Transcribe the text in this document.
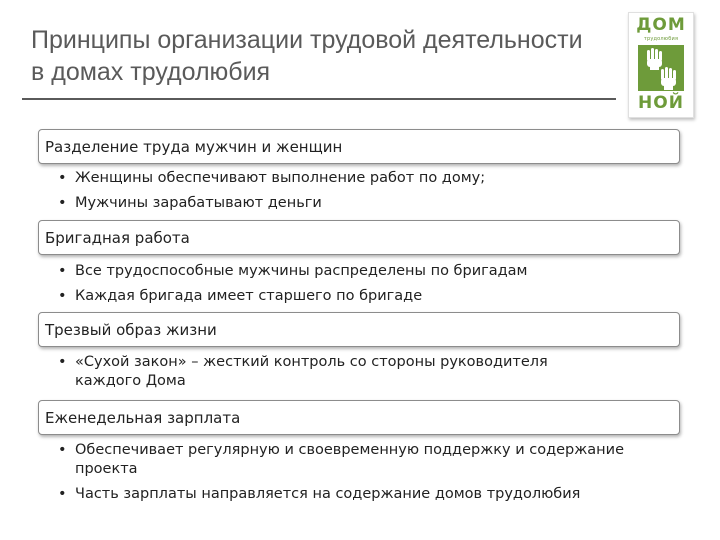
Принципы организации трудовой деятельности в домах трудолюбия
ДОМ
трудолюбия
НОЙ
Разделение труда мужчин и женщин
• Женщины обеспечивают выполнение работ по дому;
• Мужчины зарабатывают деньги
Бригадная работа
• Все трудоспособные мужчины распределены по бригадам
• Каждая бригада имеет старшего по бригаде
Трезвый образ жизни
• «Сухой закон» – жесткий контроль со стороны руководителя каждого Дома
Еженедельная зарплата
• Обеспечивает регулярную и своевременную поддержку и содержание проекта
• Часть зарплаты направляется на содержание домов трудолюбия
